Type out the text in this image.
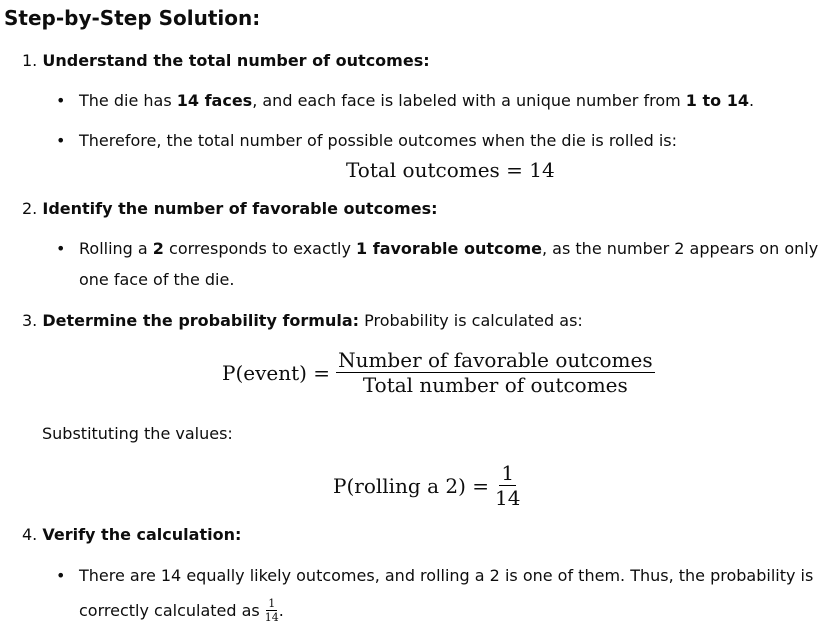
Step-by-Step Solution:
1. Understand the total number of outcomes:
• The die has 14 faces, and each face is labeled with a unique number from 1 to 14.
• Therefore, the total number of possible outcomes when the die is rolled is:
Total outcomes = 14
2. Identify the number of favorable outcomes:
• Rolling a 2 corresponds to exactly 1 favorable outcome, as the number 2 appears on only
one face of the die.
3. Determine the probability formula: Probability is calculated as:
P(event) = $\frac{\text{Number of favorable outcomes}}{\text{Total number of outcomes}}$
Substituting the values:
P(rolling a $2) = \frac{1}{14}$
4. Verify the calculation:
• There are 14 equally likely outcomes, and rolling a 2 is one of them. Thus, the probability is
correctly calculated as $\frac{1}{14}$ .
